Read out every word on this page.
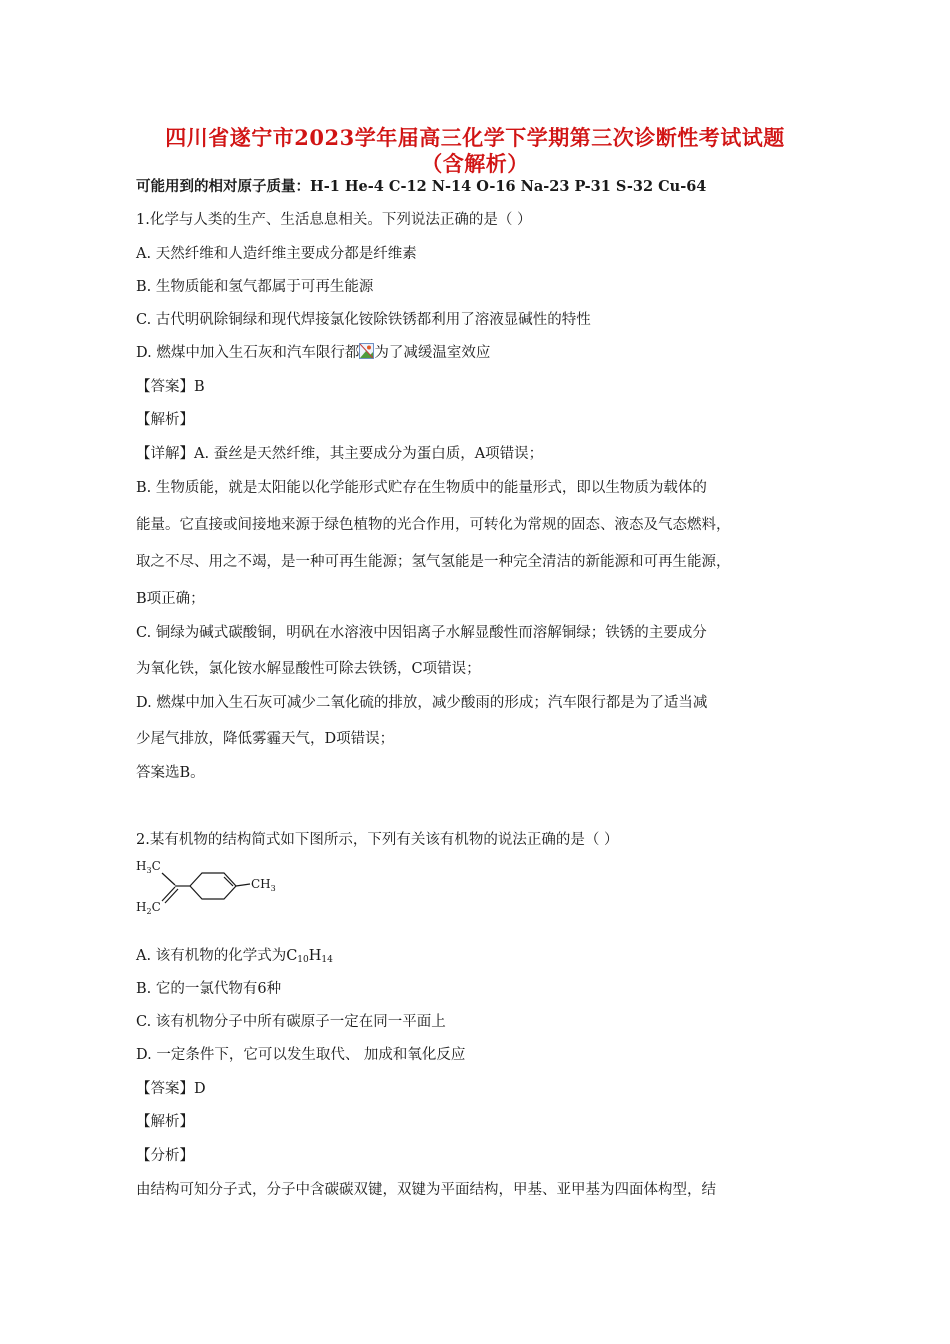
四川省遂宁市2023学年届高三化学下学期第三次诊断性考试试题
（含解析）
可能用到的相对原子质量：H-1 He-4 C-12 N-14 O-16 Na-23 P-31 S-32 Cu-64
1.化学与人类的生产、生活息息相关。下列说法正确的是（ ）
A. 天然纤维和人造纤维主要成分都是纤维素
B. 生物质能和氢气都属于可再生能源
C. 古代明矾除铜绿和现代焊接氯化铵除铁锈都利用了溶液显碱性的特性
D. 燃煤中加入生石灰和汽车限行都 为了减缓温室效应
【答案】B
【解析】
【详解】A. 蚕丝是天然纤维，其主要成分为蛋白质，A项错误；
B. 生物质能，就是太阳能以化学能形式贮存在生物质中的能量形式，即以生物质为载体的
能量。它直接或间接地来源于绿色植物的光合作用，可转化为常规的固态、液态及气态燃料，
取之不尽、用之不竭，是一种可再生能源；氢气氢能是一种完全清洁的新能源和可再生能源，
B项正确；
C. 铜绿为碱式碳酸铜，明矾在水溶液中因铝离子水解显酸性而溶解铜绿；铁锈的主要成分
为氧化铁，氯化铵水解显酸性可除去铁锈，C项错误；
D. 燃煤中加入生石灰可减少二氧化硫的排放，减少酸雨的形成；汽车限行都是为了适当减
少尾气排放，降低雾霾天气，D项错误；
答案选B。
2.某有机物的结构简式如下图所示，下列有关该有机物的说法正确的是（ ）
$H_3C$
$H_2C$
$CH_3$
A. 该有机物的化学式为$C_{10}H_{14}$
B. 它的一氯代物有6种
C. 该有机物分子中所有碳原子一定在同一平面上
D. 一定条件下，它可以发生取代、 加成和氧化反应
【答案】D
【解析】
【分析】
由结构可知分子式，分子中含碳碳双键，双键为平面结构，甲基、亚甲基为四面体构型，结
